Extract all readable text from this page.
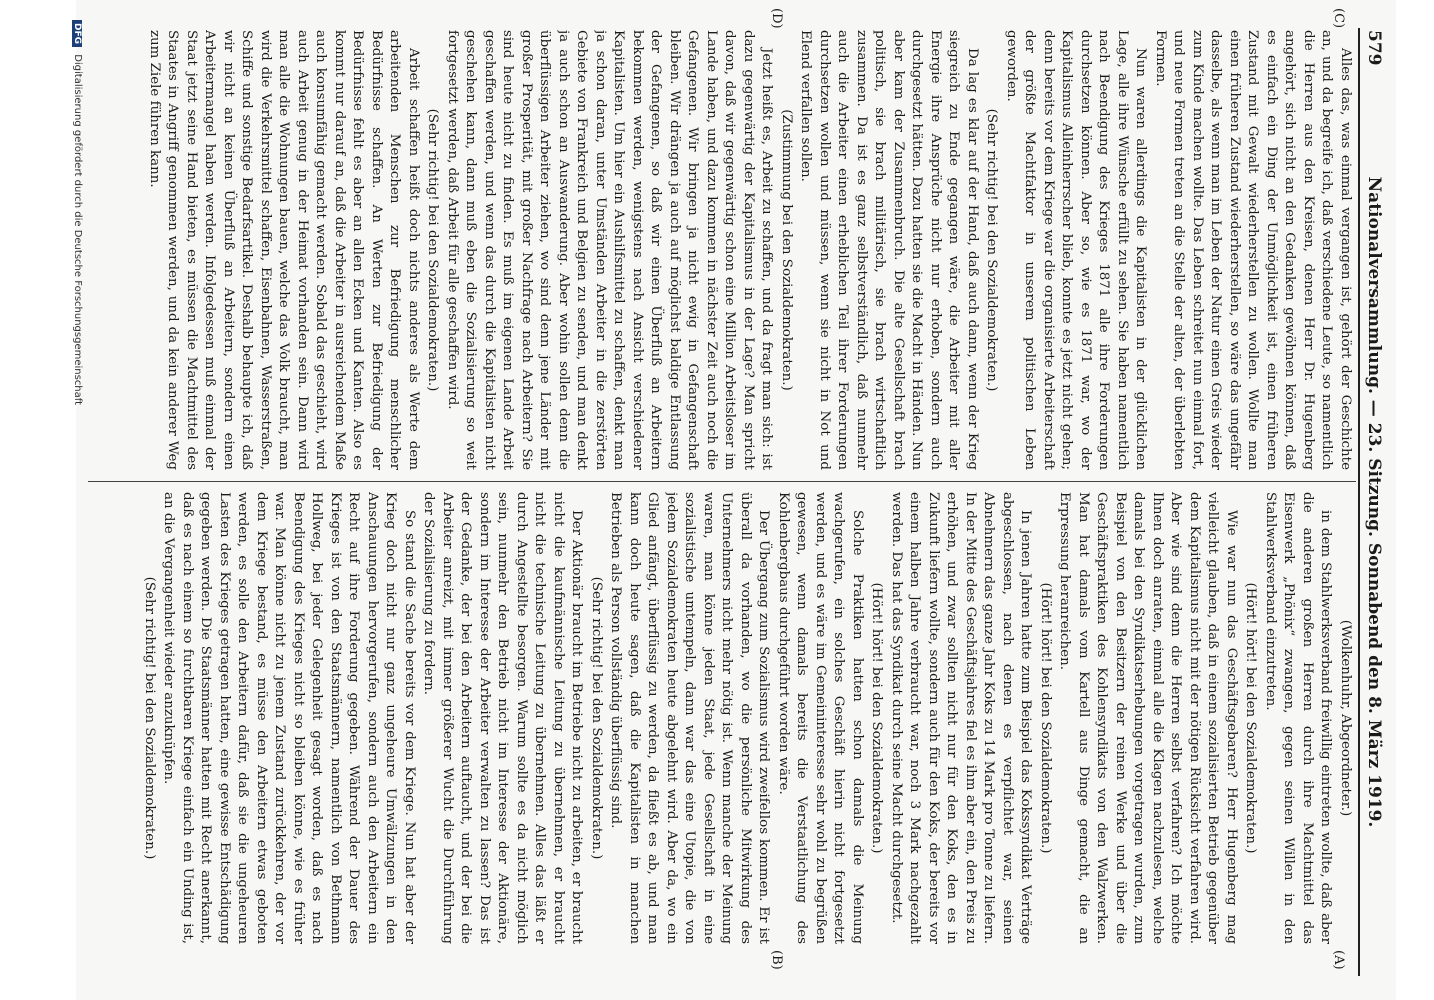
579
Nationalversammlung. — 23. Sitzung. Sonnabend den 8. März 1919.
(C)
(D)
(A)
(B)

Alles das, was einmal vergangen ist, gehört der Geschichte an, und da begreife ich, daß verschiedene Leute, so namentlich die Herren aus den Kreisen, denen Herr Dr. Hugenberg angehört, sich nicht an den Gedanken gewöhnen können, daß es einfach ein Ding der Unmöglichkeit ist, einen früheren Zustand mit Gewalt wiederherstellen zu wollen. Wollte man einen früheren Zustand wiederherstellen, so wäre das ungefähr dasselbe, als wenn man im Leben der Natur einen Greis wieder zum Kinde machen wollte. Das Leben schreitet nun einmal fort, und neue Formen treten an die Stelle der alten, der überlebten Formen.

Nun waren allerdings die Kapitalisten in der glücklichen Lage, alle ihre Wünsche erfüllt zu sehen. Sie haben namentlich nach Beendigung des Krieges 1871 alle ihre Forderungen durchsetzen können. Aber so, wie es 1871 war, wo der Kapitalismus Alleinherrscher blieb, konnte es jetzt nicht gehen; denn bereits vor dem Kriege war die organisierte Arbeiterschaft der größte Machtfaktor in unserem politischen Leben geworden.

(Sehr richtig! bei den Sozialdemokraten.)

Da lag es klar auf der Hand, daß auch dann, wenn der Krieg siegreich zu Ende gegangen wäre, die Arbeiter mit aller Energie ihre Ansprüche nicht nur erhoben, sondern auch durchgesetzt hätten. Dazu hatten sie die Macht in Händen. Nun aber kam der Zusammenbruch. Die alte Gesellschaft brach politisch, sie brach militärisch, sie brach wirtschaftlich zusammen. Da ist es ganz selbstverständlich, daß nunmehr auch die Arbeiter einen erheblichen Teil ihrer Forderungen durchsetzen wollen und müssen, wenn sie nicht in Not und Elend verfallen sollen.

(Zustimmung bei den Sozialdemokraten.)

Jetzt heißt es, Arbeit zu schaffen, und da fragt man sich: ist dazu gegenwärtig der Kapitalismus in der Lage? Man spricht davon, daß wir gegenwärtig schon eine Million Arbeitsloser im Lande haben, und dazu kommen in nächster Zeit auch noch die Gefangenen. Wir bringen ja nicht ewig in Gefangenschaft bleiben. Wir drängen ja auch auf möglichst baldige Entlassung der Gefangenen, so daß wir einen Überfluß an Arbeitern bekommen werden, wenigstens nach Ansicht verschiedener Kapitalisten. Um hier ein Aushilfsmittel zu schaffen, denkt man ja schon daran, unter Umständen Arbeiter in die zerstörten Gebiete von Frankreich und Belgien zu senden, und man denkt ja auch schon an Auswanderung. Aber wohin sollen denn die überflüssigen Arbeiter ziehen, wo sind denn jene Länder mit großer Prosperität, mit großer Nachfrage nach Arbeitern? Sie sind heute nicht zu finden. Es muß im eigenen Lande Arbeit geschaffen werden, und wenn das durch die Kapitalisten nicht geschehen kann, dann muß eben die Sozialisierung so weit fortgesetzt werden, daß Arbeit für alle geschaffen wird.

(Sehr richtig! bei den Sozialdemokraten.)

Arbeit schaffen heißt doch nichts anderes als Werte dem arbeitenden Menschen zur Befriedigung menschlicher Bedürfnisse schaffen. An Werten zur Befriedigung der Bedürfnisse fehlt es aber an allen Ecken und Kanten. Also es kommt nur darauf an, daß die Arbeiter in ausreichendem Maße auch konsumfähig gemacht werden. Sobald das geschieht, wird auch Arbeit genug in der Heimat vorhanden sein. Dann wird man alle die Wohnungen bauen, welche das Volk braucht, man wird die Verkehrsmittel schaffen, Eisenbahnen, Wasserstraßen, Schiffe und sonstige Bedarfsartikel. Deshalb behaupte ich, daß wir nicht an keinen Überfluß an Arbeitern, sondern einen Arbeitermangel haben werden. Infolgedessen muß einmal der Staat jetzt seine Hand bieten, es müssen die Machtmittel des Staates in Angriff genommen werden, und da kein anderer Weg zum Ziele führen kann.

(Wolkenhuhr, Abgeordneter.)

in dem Stahlwerksverband freiwillig eintreten wollte, daß aber die anderen großen Herren durch ihre Machtmittel das Eisenwerk „Phönix“ zwangen, gegen seinen Willen in den Stahlwerksverband einzutreten.

(Hört! hört! bei den Sozialdemokraten.)

Wie war nun das Geschäftsgebaren? Herr Hugenberg mag vielleicht glauben, daß in einem sozialisierten Betrieb gegenüber dem Kapitalismus nicht mit der nötigen Rücksicht verfahren wird. Aber wie sind denn die Herren selbst verfahren? Ich möchte Ihnen doch anraten, einmal alle die Klagen nachzulesen, welche damals bei den Syndikatserhebungen vorgetragen wurden, zum Beispiel von den Besitzern der reinen Werke und über die Geschäftspraktiken des Kohlensyndikats von den Walzwerken. Man hat damals vom Kartell aus Dinge gemacht, die an Erpressung heranreichen.

(Hört! hört! bei den Sozialdemokraten.)

In jenen Jahren hatte zum Beispiel das Kokssyndikat Verträge abgeschlossen, nach denen es verpflichtet war, seinen Abnehmern das ganze Jahr Koks zu 14 Mark pro Tonne zu liefern. In der Mitte des Geschäftsjahres fiel es ihm aber ein, den Preis zu erhöhen, und zwar sollten nicht nur für den Koks, den es in Zukunft liefern wollte, sondern auch für den Koks, der bereits vor einem halben Jahre verbraucht war, noch 3 Mark nachgezahlt werden. Das hat das Syndikat durch seine Macht durchgesetzt.

(Hört! hört! bei den Sozialdemokraten.)

Solche Praktiken hatten schon damals die Meinung wachgerufen, ein solches Geschäft hierin nicht fortgesetzt werden, und es wäre im Gemeininteresse sehr wohl zu begrüßen gewesen, wenn damals bereits die Verstaatlichung des Kohlenbergbaus durchgeführt worden wäre.

Der Übergang zum Sozialismus wird zweifellos kommen. Er ist überall da vorhanden, wo die persönliche Mitwirkung des Unternehmers nicht mehr nötig ist. Wenn manche der Meinung waren, man könne jeden Staat, jede Gesellschaft in eine sozialistische umtempeln, dann war das eine Utopie, die von jedem Sozialdemokraten heute abgelehnt wird. Aber da, wo ein Glied anfängt, überflüssig zu werden, da fließt es ab, und man kann doch heute sagen, daß die Kapitalisten in manchen Betrieben als Person vollständig überflüssig sind.

(Sehr richtig! bei den Sozialdemokraten.)

Der Aktionär braucht im Betriebe nicht zu arbeiten, er braucht nicht die kaufmännische Leitung zu übernehmen, er braucht nicht die technische Leitung zu übernehmen. Alles das läßt er durch Angestellte besorgen. Warum sollte es da nicht möglich sein, nunmehr den Betrieb nicht im Interesse der Aktionäre, sondern im Interesse der Arbeiter verwalten zu lassen? Das ist der Gedanke, der bei den Arbeitern auftaucht, und der bei die Arbeiter anreizt, mit immer größerer Wucht die Durchführung der Sozialisierung zu fordern.

So stand die Sache bereits vor dem Kriege. Nun hat aber der Krieg doch nicht nur ganz ungeheure Umwälzungen in den Anschauungen hervorgerufen, sondern auch den Arbeitern ein Recht auf ihre Forderung gegeben. Während der Dauer des Krieges ist von den Staatsmännern, namentlich von Bethmann Hollweg, bei jeder Gelegenheit gesagt worden, daß es nach Beendigung des Krieges nicht so bleiben könne, wie es früher war. Man könne nicht zu jenem Zustand zurückkehren, der vor dem Kriege bestand, es müsse den Arbeitern etwas geboten werden, es solle den Arbeitern dafür, daß sie die ungeheuren Lasten des Krieges getragen hatten, eine gewisse Entschädigung gegeben werden. Die Staatsmänner hatten mit Recht anerkannt, daß es nach einem so furchtbaren Kriege einfach ein Unding ist, an die Vergangenheit wieder anzuknüpfen.

(Sehr richtig! bei den Sozialdemokraten.)

DFG Digitalisierung gefördert durch die Deutsche Forschungsgemeinschaft
